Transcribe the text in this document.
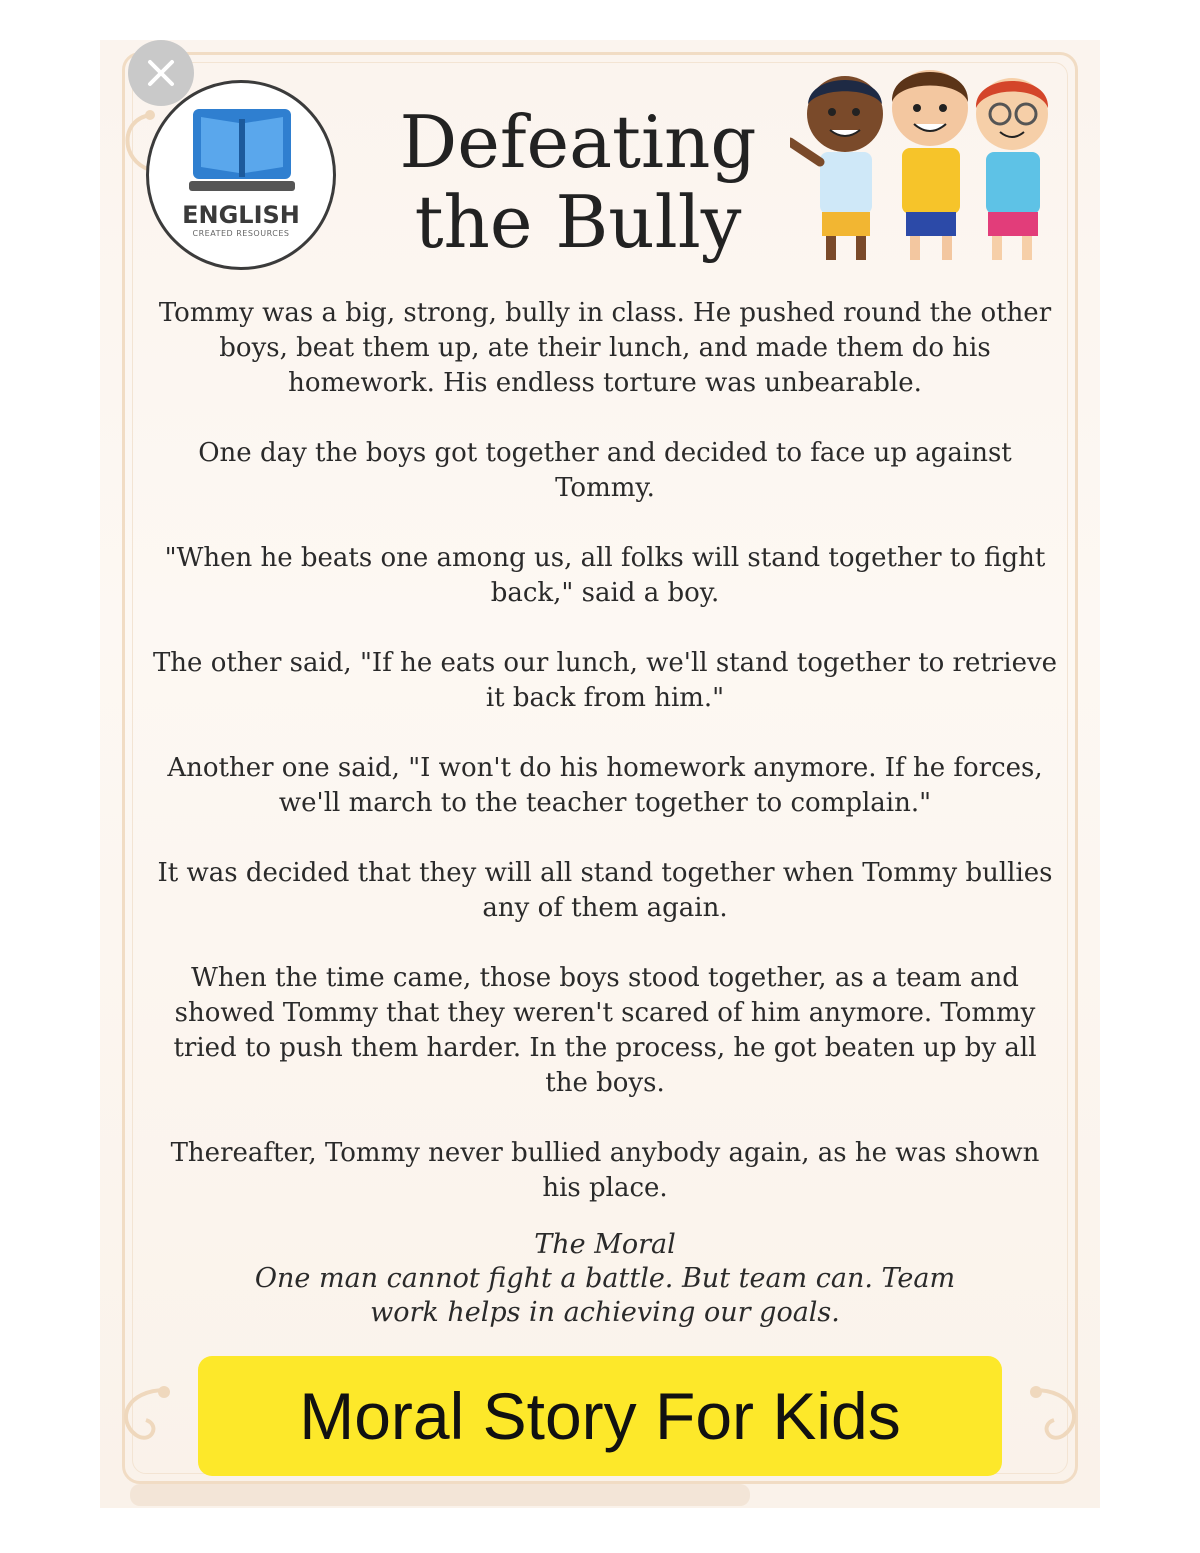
ENGLISH
CREATED RESOURCES
Defeating
the Bully

Tommy was a big, strong, bully in class. He pushed round the other boys, beat them up, ate their lunch, and made them do his homework. His endless torture was unbearable.

One day the boys got together and decided to face up against Tommy.

"When he beats one among us, all folks will stand together to fight back," said a boy.

The other said, "If he eats our lunch, we'll stand together to retrieve it back from him."

Another one said, "I won't do his homework anymore. If he forces, we'll march to the teacher together to complain."

It was decided that they will all stand together when Tommy bullies any of them again.

When the time came, those boys stood together, as a team and showed Tommy that they weren't scared of him anymore. Tommy tried to push them harder. In the process, he got beaten up by all the boys.

Thereafter, Tommy never bullied anybody again, as he was shown his place.

The Moral
One man cannot fight a battle. But team can. Team work helps in achieving our goals.
Moral Story For Kids
